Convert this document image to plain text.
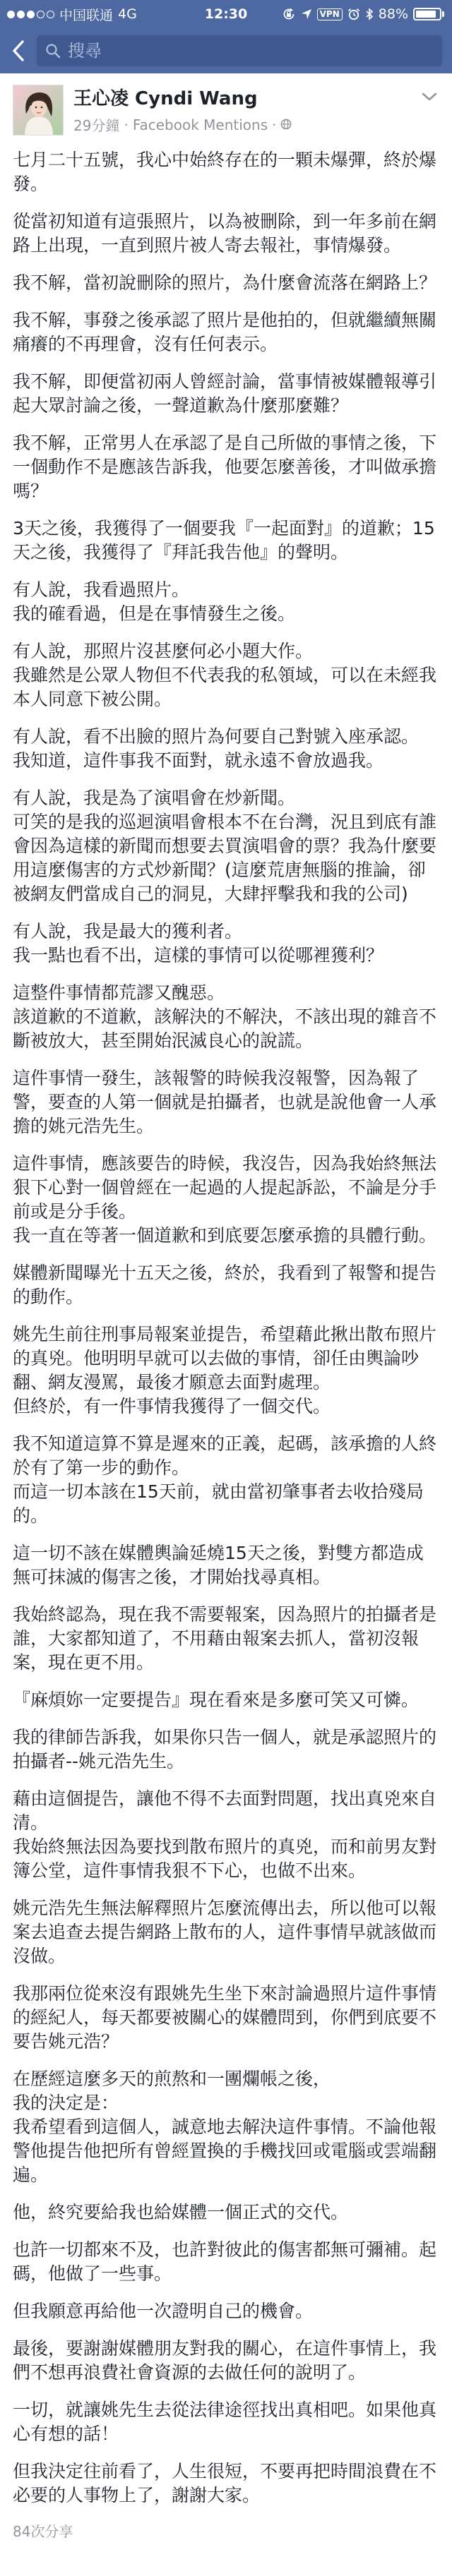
中国联通 4G	12:30	VPN	88%
搜尋
王心凌 Cyndi Wang
29分鐘 · Facebook Mentions ·
七月二十五號，我心中始終存在的一顆未爆彈，終於爆發。
從當初知道有這張照片，以為被刪除，到一年多前在網路上出現，一直到照片被人寄去報社，事情爆發。
我不解，當初說刪除的照片，為什麼會流落在網路上？
我不解，事發之後承認了照片是他拍的，但就繼續無關痛癢的不再理會，沒有任何表示。
我不解，即便當初兩人曾經討論，當事情被媒體報導引起大眾討論之後，一聲道歉為什麼那麼難？
我不解，正常男人在承認了是自己所做的事情之後，下一個動作不是應該告訴我，他要怎麼善後，才叫做承擔嗎？
3天之後，我獲得了一個要我『一起面對』的道歉；15天之後，我獲得了『拜託我告他』的聲明。
有人說，我看過照片。
我的確看過，但是在事情發生之後。
有人說，那照片沒甚麼何必小題大作。
我雖然是公眾人物但不代表我的私領域，可以在未經我本人同意下被公開。
有人說，看不出臉的照片為何要自己對號入座承認。
我知道，這件事我不面對，就永遠不會放過我。
有人說，我是為了演唱會在炒新聞。
可笑的是我的巡迴演唱會根本不在台灣，況且到底有誰會因為這樣的新聞而想要去買演唱會的票？我為什麼要用這麼傷害的方式炒新聞？(這麼荒唐無腦的推論，卻被網友們當成自己的洞見，大肆抨擊我和我的公司)
有人說，我是最大的獲利者。
我一點也看不出，這樣的事情可以從哪裡獲利？
這整件事情都荒謬又醜惡。
該道歉的不道歉，該解決的不解決，不該出現的雜音不斷被放大，甚至開始泯滅良心的說謊。
這件事情一發生，該報警的時候我沒報警，因為報了警，要查的人第一個就是拍攝者，也就是說他會一人承擔的姚元浩先生。
這件事情，應該要告的時候，我沒告，因為我始終無法狠下心對一個曾經在一起過的人提起訴訟，不論是分手前或是分手後。
我一直在等著一個道歉和到底要怎麼承擔的具體行動。
媒體新聞曝光十五天之後，終於，我看到了報警和提告的動作。
姚先生前往刑事局報案並提告，希望藉此揪出散布照片的真兇。他明明早就可以去做的事情，卻任由輿論吵翻、網友漫罵，最後才願意去面對處理。
但終於，有一件事情我獲得了一個交代。
我不知道這算不算是遲來的正義，起碼，該承擔的人終於有了第一步的動作。
而這一切本該在15天前，就由當初肇事者去收拾殘局的。
這一切不該在媒體輿論延燒15天之後，對雙方都造成無可抹滅的傷害之後，才開始找尋真相。
我始終認為，現在我不需要報案，因為照片的拍攝者是誰，大家都知道了，不用藉由報案去抓人，當初沒報案，現在更不用。
『麻煩妳一定要提告』現在看來是多麼可笑又可憐。
我的律師告訴我，如果你只告一個人，就是承認照片的拍攝者--姚元浩先生。
藉由這個提告，讓他不得不去面對問題，找出真兇來自清。
我始終無法因為要找到散布照片的真兇，而和前男友對簿公堂，這件事情我狠不下心，也做不出來。
姚元浩先生無法解釋照片怎麼流傳出去，所以他可以報案去追查去提告網路上散布的人，這件事情早就該做而沒做。
我那兩位從來沒有跟姚先生坐下來討論過照片這件事情的經紀人，每天都要被關心的媒體問到，你們到底要不要告姚元浩？
在歷經這麼多天的煎熬和一團爛帳之後，
我的決定是：
我希望看到這個人，誠意地去解決這件事情。不論他報警他提告他把所有曾經置換的手機找回或電腦或雲端翻遍。
他，終究要給我也給媒體一個正式的交代。
也許一切都來不及，也許對彼此的傷害都無可彌補。起碼，他做了一些事。
但我願意再給他一次證明自己的機會。
最後，要謝謝媒體朋友對我的關心，在這件事情上，我們不想再浪費社會資源的去做任何的說明了。
一切，就讓姚先生去從法律途徑找出真相吧。如果他真心有想的話！
但我決定往前看了，人生很短，不要再把時間浪費在不必要的人事物上了，謝謝大家。
84次分享
